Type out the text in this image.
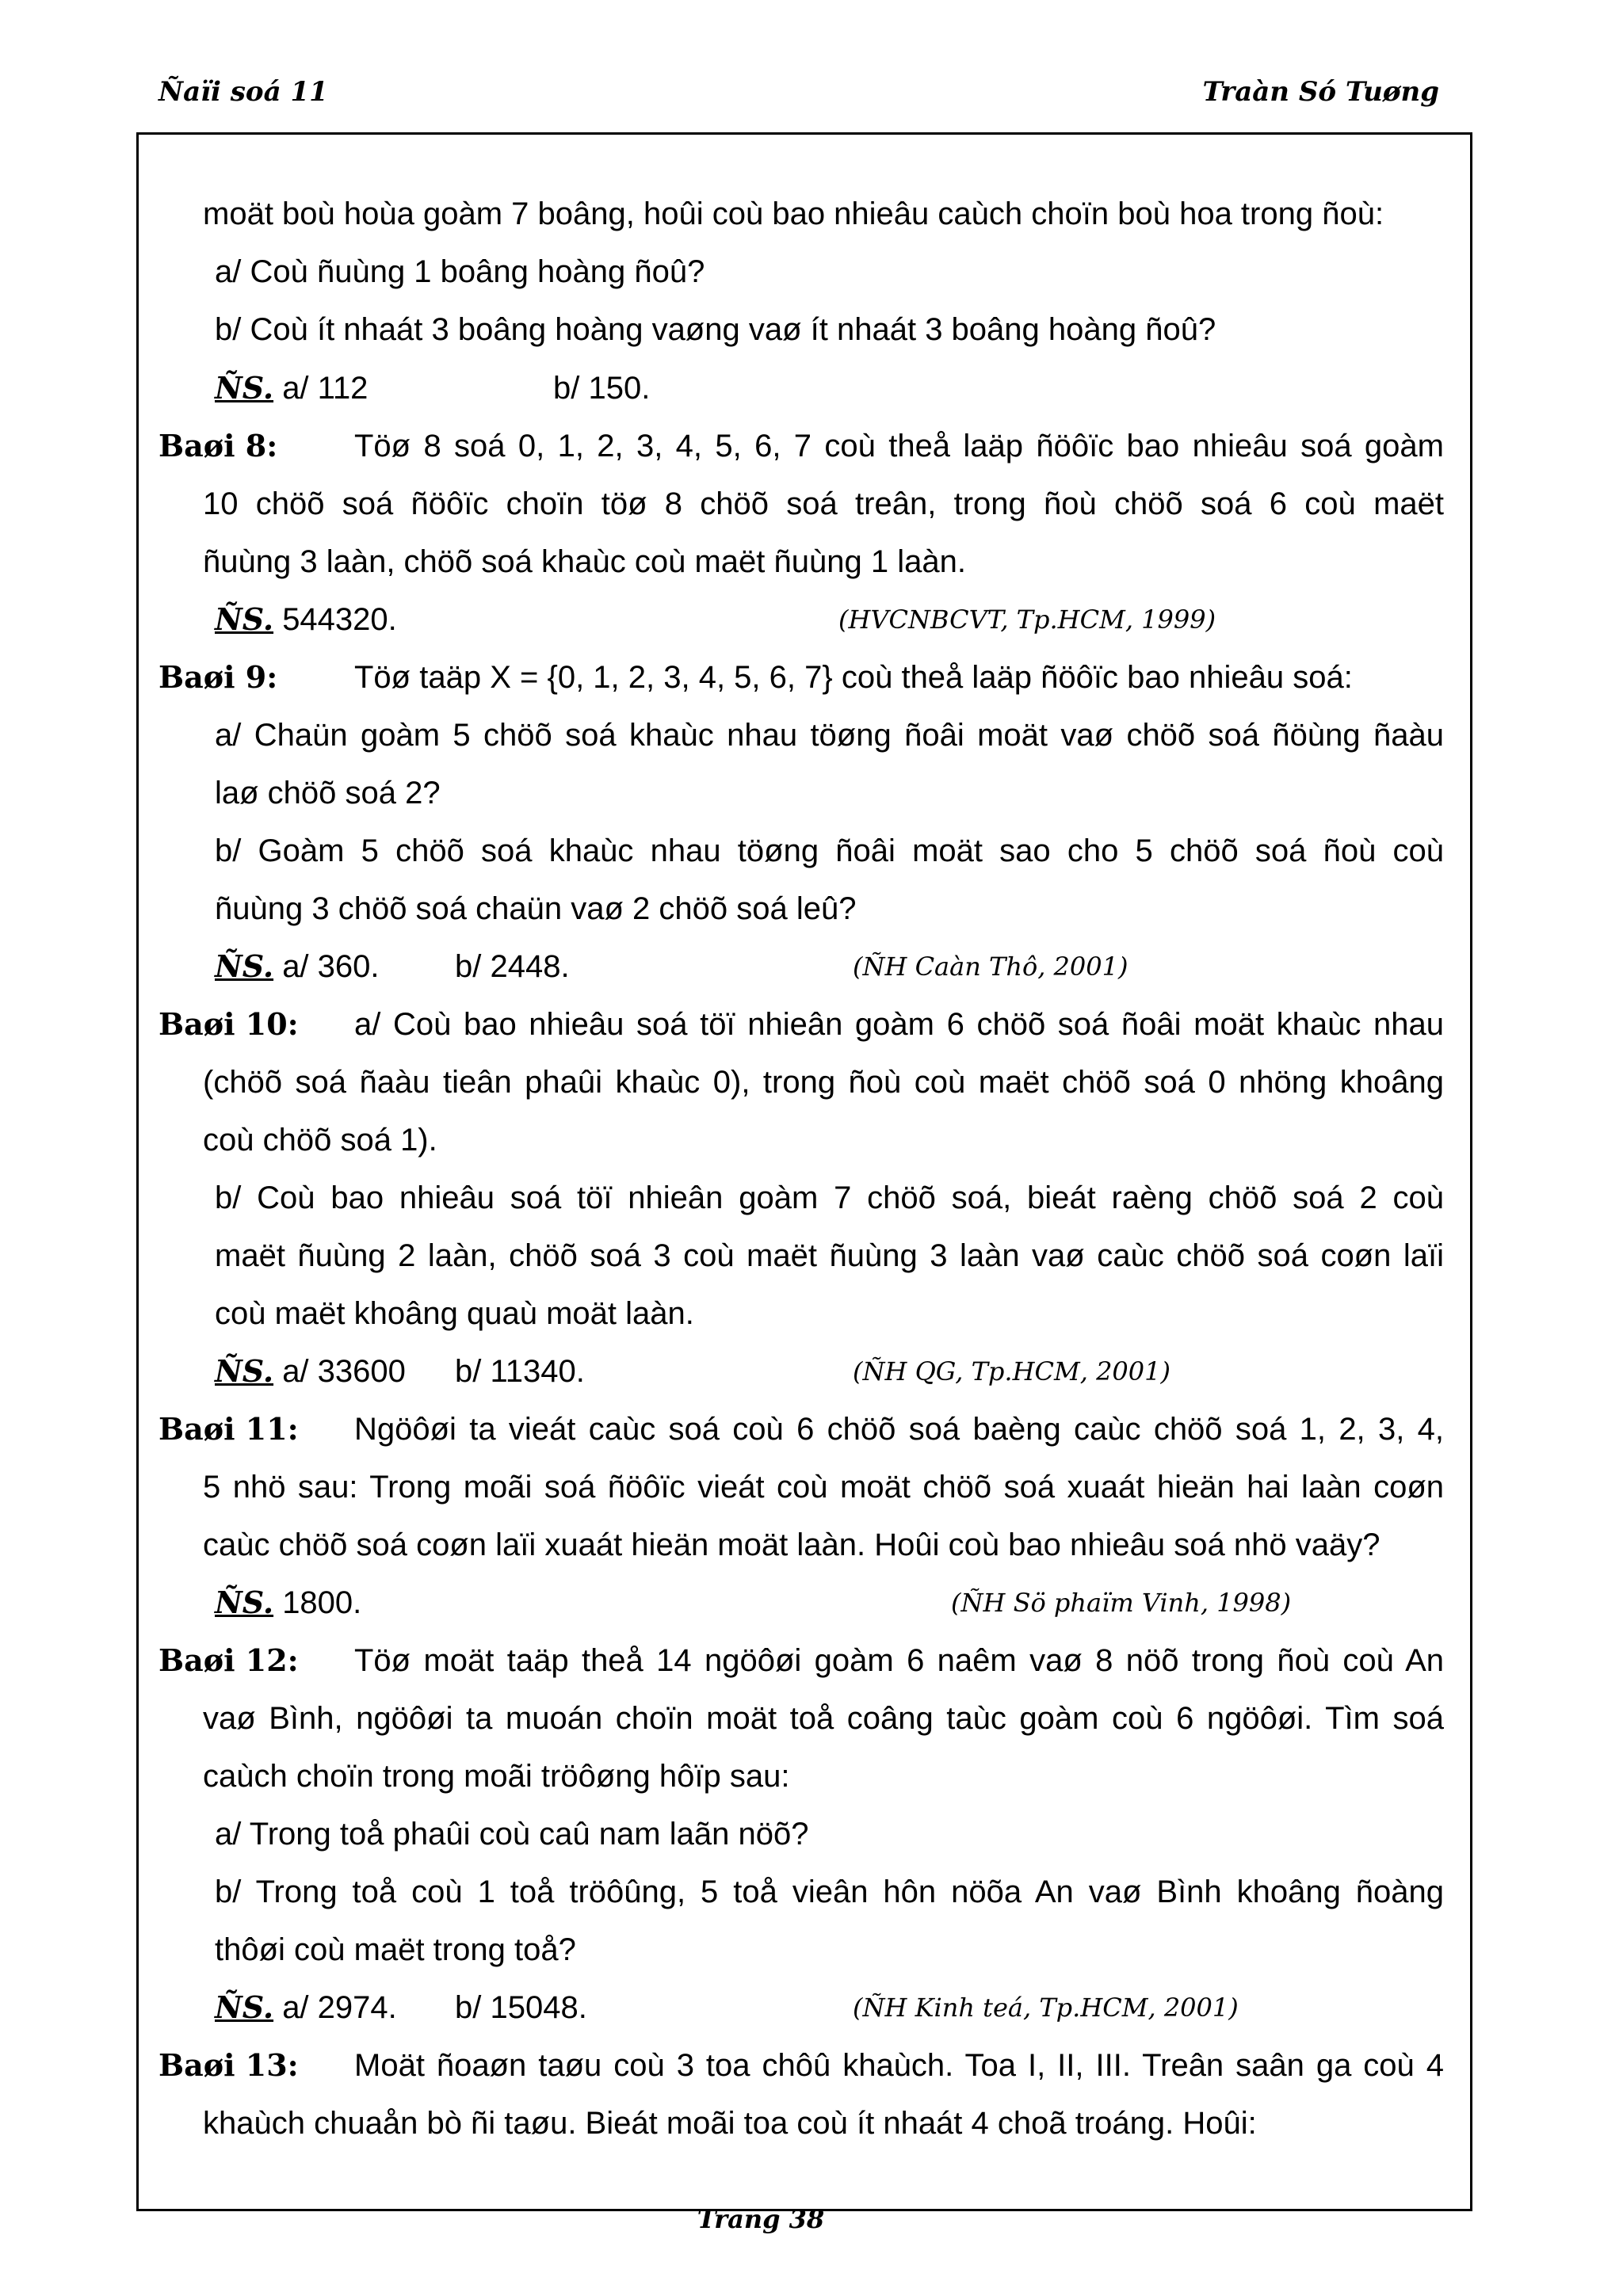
Ñaïi soá 11	Traàn Só Tuøng
moät boù hoùa goàm 7 boâng, hoûi coù bao nhieâu caùch choïn boù hoa trong ñoù:
a/ Coù ñuùng 1 boâng hoàng ñoû?
b/ Coù ít nhaát 3 boâng hoàng vaøng vaø ít nhaát 3 boâng hoàng ñoû?
ÑS. a/ 112	b/ 150.
Baøi 8: Töø 8 soá 0, 1, 2, 3, 4, 5, 6, 7 coù theå laäp ñöôïc bao nhieâu soá goàm
10 chöõ soá ñöôïc choïn töø 8 chöõ soá treân, trong ñoù chöõ soá 6 coù maët
ñuùng 3 laàn, chöõ soá khaùc coù maët ñuùng 1 laàn.
ÑS. 544320.	(HVCNBCVT, Tp.HCM, 1999)
Baøi 9: Töø taäp X = {0, 1, 2, 3, 4, 5, 6, 7} coù theå laäp ñöôïc bao nhieâu soá:
a/ Chaün goàm 5 chöõ soá khaùc nhau töøng ñoâi moät vaø chöõ soá ñöùng ñaàu
laø chöõ soá 2?
b/ Goàm 5 chöõ soá khaùc nhau töøng ñoâi moät sao cho 5 chöõ soá ñoù coù
ñuùng 3 chöõ soá chaün vaø 2 chöõ soá leû?
ÑS. a/ 360. b/ 2448.	(ÑH Caàn Thô, 2001)
Baøi 10: a/ Coù bao nhieâu soá töï nhieân goàm 6 chöõ soá ñoâi moät khaùc nhau
(chöõ soá ñaàu tieân phaûi khaùc 0), trong ñoù coù maët chöõ soá 0 nhöng khoâng
coù chöõ soá 1).
b/ Coù bao nhieâu soá töï nhieân goàm 7 chöõ soá, bieát raèng chöõ soá 2 coù
maët ñuùng 2 laàn, chöõ soá 3 coù maët ñuùng 3 laàn vaø caùc chöõ soá coøn laïi
coù maët khoâng quaù moät laàn.
ÑS. a/ 33600 b/ 11340.	(ÑH QG, Tp.HCM, 2001)
Baøi 11: Ngöôøi ta vieát caùc soá coù 6 chöõ soá baèng caùc chöõ soá 1, 2, 3, 4,
5 nhö sau: Trong moãi soá ñöôïc vieát coù moät chöõ soá xuaát hieän hai laàn coøn
caùc chöõ soá coøn laïi xuaát hieän moät laàn. Hoûi coù bao nhieâu soá nhö vaäy?
ÑS. 1800.	(ÑH Sö phaïm Vinh, 1998)
Baøi 12: Töø moät taäp theå 14 ngöôøi goàm 6 naêm vaø 8 nöõ trong ñoù coù An
vaø Bình, ngöôøi ta muoán choïn moät toå coâng taùc goàm coù 6 ngöôøi. Tìm soá
caùch choïn trong moãi tröôøng hôïp sau:
a/ Trong toå phaûi coù caû nam laãn nöõ?
b/ Trong toå coù 1 toå tröôûng, 5 toå vieân hôn nöõa An vaø Bình khoâng ñoàng
thôøi coù maët trong toå?
ÑS. a/ 2974. b/ 15048.	(ÑH Kinh teá, Tp.HCM, 2001)
Baøi 13: Moät ñoaøn taøu coù 3 toa chôû khaùch. Toa I, II, III. Treân saân ga coù 4
khaùch chuaån bò ñi taøu. Bieát moãi toa coù ít nhaát 4 choã troáng. Hoûi:
Trang 38
